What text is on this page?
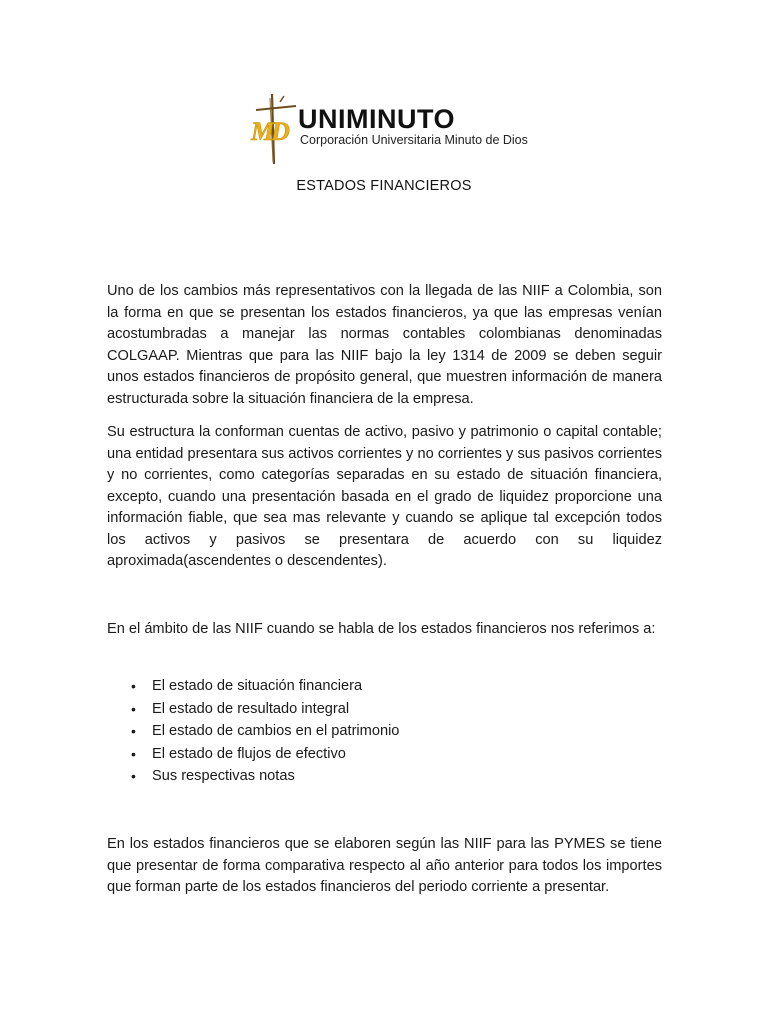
MD UNIMINUTO
Corporación Universitaria Minuto de Dios
ESTADOS FINANCIEROS

Uno de los cambios más representativos con la llegada de las NIIF a Colombia, son la forma en que se presentan los estados financieros, ya que las empresas venían acostumbradas a manejar las normas contables colombianas denominadas COLGAAP. Mientras que para las NIIF bajo la ley 1314 de 2009 se deben seguir unos estados financieros de propósito general, que muestren información de manera estructurada sobre la situación financiera de la empresa.

Su estructura la conforman cuentas de activo, pasivo y patrimonio o capital contable; una entidad presentara sus activos corrientes y no corrientes y sus pasivos corrientes y no corrientes, como categorías separadas en su estado de situación financiera, excepto, cuando una presentación basada en el grado de liquidez proporcione una información fiable, que sea mas relevante y cuando se aplique tal excepción todos los activos y pasivos se presentara de acuerdo con su liquidez aproximada(ascendentes o descendentes).

En el ámbito de las NIIF cuando se habla de los estados financieros nos referimos a:

• El estado de situación financiera
• El estado de resultado integral
• El estado de cambios en el patrimonio
• El estado de flujos de efectivo
• Sus respectivas notas

En los estados financieros que se elaboren según las NIIF para las PYMES se tiene que presentar de forma comparativa respecto al año anterior para todos los importes que forman parte de los estados financieros del periodo corriente a presentar.
